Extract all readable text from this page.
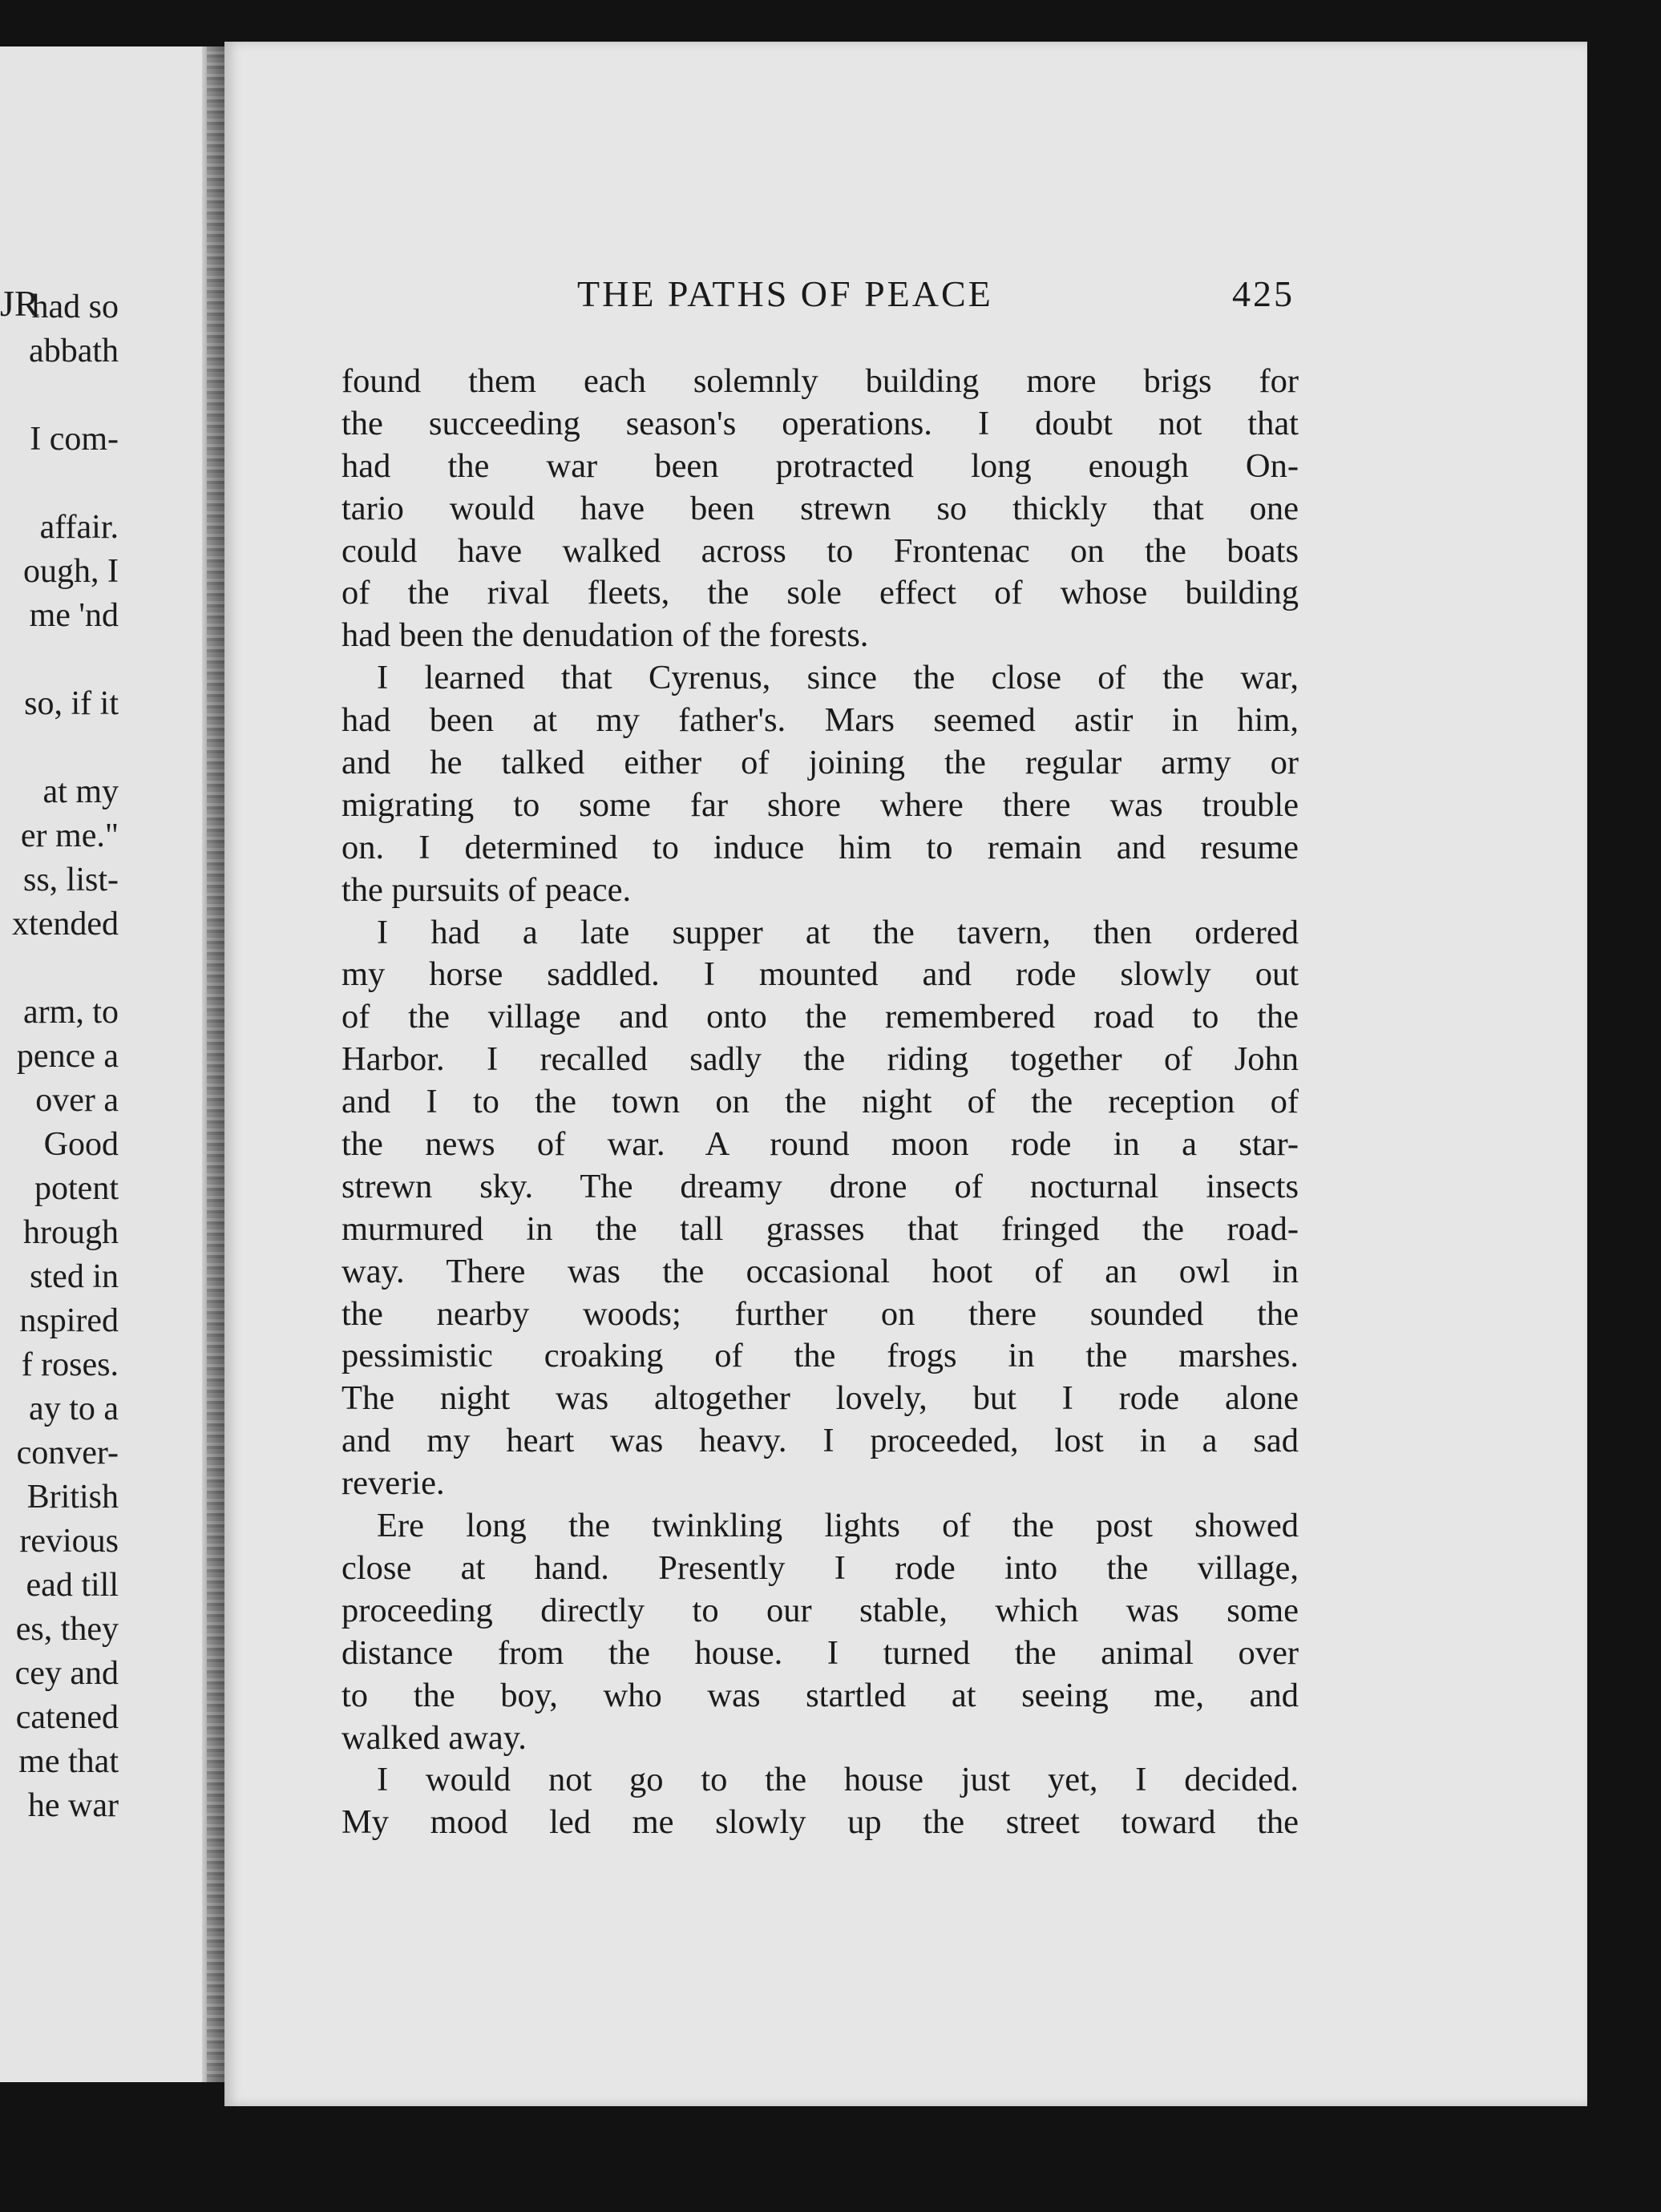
JR
had so
abbath
I com-
affair.
ough, I
me 'nd
so, if it
at my
er me."
ss, list-
xtended
arm, to
pence a
over a
Good
potent
hrough
sted in
nspired
f roses.
ay to a
conver-
British
revious
ead till
es, they
cey and
catened
me that
he war
THE PATHS OF PEACE	425
found them each solemnly building more brigs for
the succeeding season's operations. I doubt not that
had the war been protracted long enough On-
tario would have been strewn so thickly that one
could have walked across to Frontenac on the boats
of the rival fleets, the sole effect of whose building
had been the denudation of the forests.
I learned that Cyrenus, since the close of the war,
had been at my father's. Mars seemed astir in him,
and he talked either of joining the regular army or
migrating to some far shore where there was trouble
on. I determined to induce him to remain and resume
the pursuits of peace.
I had a late supper at the tavern, then ordered
my horse saddled. I mounted and rode slowly out
of the village and onto the remembered road to the
Harbor. I recalled sadly the riding together of John
and I to the town on the night of the reception of
the news of war. A round moon rode in a star-
strewn sky. The dreamy drone of nocturnal insects
murmured in the tall grasses that fringed the road-
way. There was the occasional hoot of an owl in
the nearby woods; further on there sounded the
pessimistic croaking of the frogs in the marshes.
The night was altogether lovely, but I rode alone
and my heart was heavy. I proceeded, lost in a sad
reverie.
Ere long the twinkling lights of the post showed
close at hand. Presently I rode into the village,
proceeding directly to our stable, which was some
distance from the house. I turned the animal over
to the boy, who was startled at seeing me, and
walked away.
I would not go to the house just yet, I decided.
My mood led me slowly up the street toward the
